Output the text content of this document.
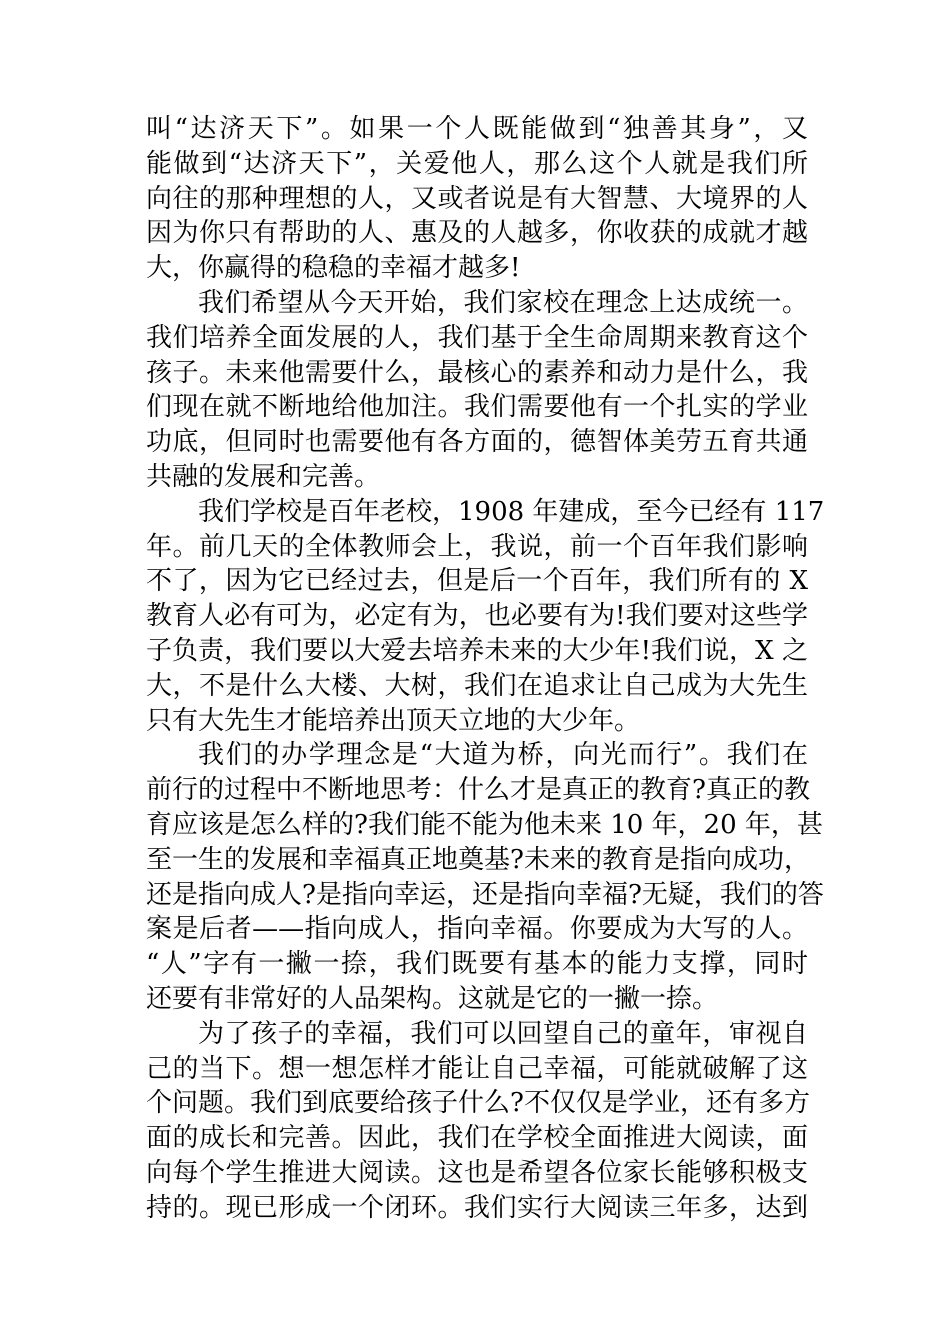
叫“达济天下”。如果一个人既能做到“独善其身”，又
能做到“达济天下”，关爱他人，那么这个人就是我们所
向往的那种理想的人，又或者说是有大智慧、大境界的人
因为你只有帮助的人、惠及的人越多，你收获的成就才越
大，你赢得的稳稳的幸福才越多!
我们希望从今天开始，我们家校在理念上达成统一。
我们培养全面发展的人，我们基于全生命周期来教育这个
孩子。未来他需要什么，最核心的素养和动力是什么，我
们现在就不断地给他加注。我们需要他有一个扎实的学业
功底，但同时也需要他有各方面的，德智体美劳五育共通
共融的发展和完善。
我们学校是百年老校，1908 年建成，至今已经有 117
年。前几天的全体教师会上，我说，前一个百年我们影响
不了，因为它已经过去，但是后一个百年，我们所有的 X
教育人必有可为，必定有为，也必要有为!我们要对这些学
子负责，我们要以大爱去培养未来的大少年!我们说，X 之
大，不是什么大楼、大树，我们在追求让自己成为大先生
只有大先生才能培养出顶天立地的大少年。
我们的办学理念是“大道为桥，向光而行”。我们在
前行的过程中不断地思考：什么才是真正的教育?真正的教
育应该是怎么样的?我们能不能为他未来 10 年，20 年，甚
至一生的发展和幸福真正地奠基?未来的教育是指向成功，
还是指向成人?是指向幸运，还是指向幸福?无疑，我们的答
案是后者——指向成人，指向幸福。你要成为大写的人。
“人”字有一撇一捺，我们既要有基本的能力支撑，同时
还要有非常好的人品架构。这就是它的一撇一捺。
为了孩子的幸福，我们可以回望自己的童年，审视自
己的当下。想一想怎样才能让自己幸福，可能就破解了这
个问题。我们到底要给孩子什么?不仅仅是学业，还有多方
面的成长和完善。因此，我们在学校全面推进大阅读，面
向每个学生推进大阅读。这也是希望各位家长能够积极支
持的。现已形成一个闭环。我们实行大阅读三年多，达到
